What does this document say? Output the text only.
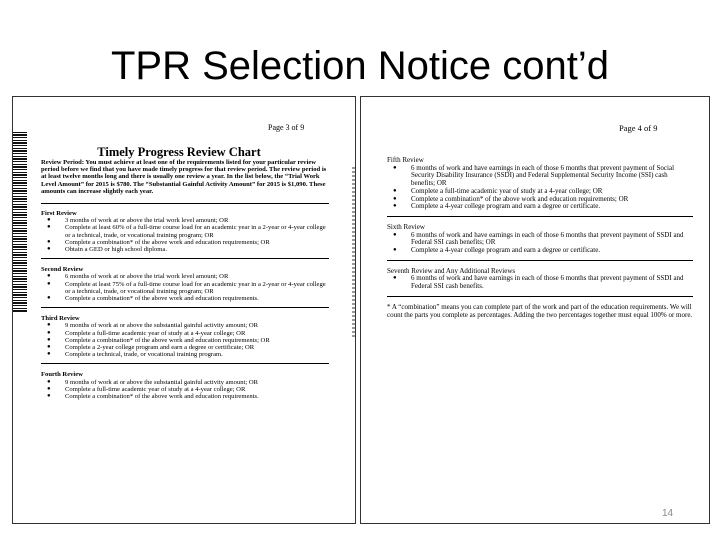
TPR Selection Notice cont’d
Page 3 of 9
Timely Progress Review Chart
Review Period: You must achieve at least one of the requirements listed for your particular review period before we find that you have made timely progress for that review period. The review period is at least twelve months long and there is usually one review a year. In the list below, the “Trial Work Level Amount” for 2015 is $780. The “Substantial Gainful Activity Amount” for 2015 is $1,090. These amounts can increase slightly each year.
First Review
● 3 months of work at or above the trial work level amount; OR
● Complete at least 60% of a full-time course load for an academic year in a 2-year or 4-year college or a technical, trade, or vocational training program; OR
● Complete a combination* of the above work and education requirements; OR
● Obtain a GED or high school diploma.
Second Review
● 6 months of work at or above the trial work level amount; OR
● Complete at least 75% of a full-time course load for an academic year in a 2-year or 4-year college or a technical, trade, or vocational training program; OR
● Complete a combination* of the above work and education requirements.
Third Review
● 9 months of work at or above the substantial gainful activity amount; OR
● Complete a full-time academic year of study at a 4-year college; OR
● Complete a combination* of the above work and education requirements; OR
● Complete a 2-year college program and earn a degree or certificate; OR
● Complete a technical, trade, or vocational training program.
Fourth Review
● 9 months of work at or above the substantial gainful activity amount; OR
● Complete a full-time academic year of study at a 4-year college; OR
● Complete a combination* of the above work and education requirements.
Page 4 of 9
Fifth Review
● 6 months of work and have earnings in each of those 6 months that prevent payment of Social Security Disability Insurance (SSDI) and Federal Supplemental Security Income (SSI) cash benefits; OR
● Complete a full-time academic year of study at a 4-year college; OR
● Complete a combination* of the above work and education requirements; OR
● Complete a 4-year college program and earn a degree or certificate.
Sixth Review
● 6 months of work and have earnings in each of those 6 months that prevent payment of SSDI and Federal SSI cash benefits; OR
● Complete a 4-year college program and earn a degree or certificate.
Seventh Review and Any Additional Reviews
● 6 months of work and have earnings in each of those 6 months that prevent payment of SSDI and Federal SSI cash benefits.
* A “combination” means you can complete part of the work and part of the education requirements. We will count the parts you complete as percentages. Adding the two percentages together must equal 100% or more.
14
